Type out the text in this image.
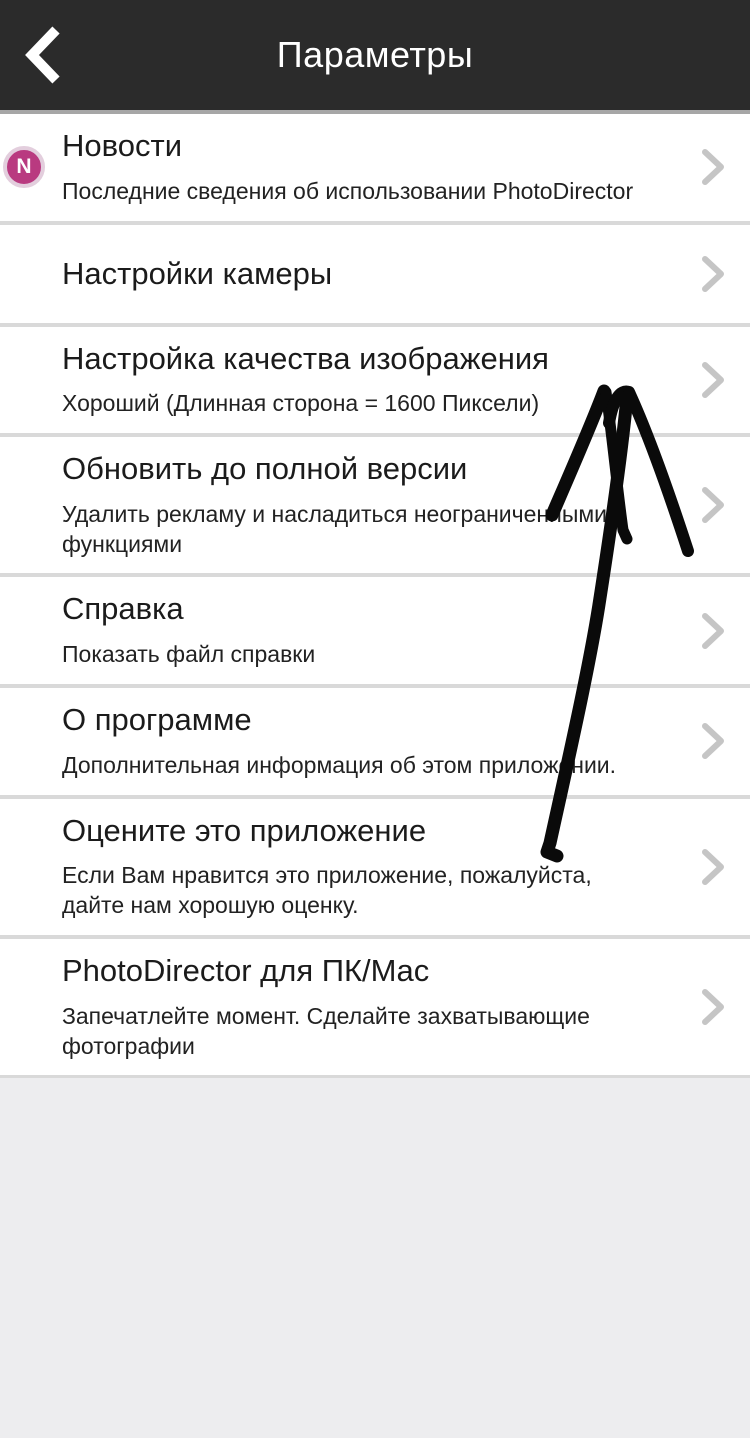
Параметры
N
Новости
Последние сведения об использовании PhotoDirector
Настройки камеры
Настройка качества изображения
Хороший (Длинная сторона = 1600 Пиксели)
Обновить до полной версии
Удалить рекламу и насладиться неограниченными функциями
Справка
Показать файл справки
О программе
Дополнительная информация об этом приложении.
Оцените это приложение
Если Вам нравится это приложение, пожалуйста, дайте нам хорошую оценку.
PhotoDirector для ПК/Mac
Запечатлейте момент. Сделайте захватывающие фотографии
